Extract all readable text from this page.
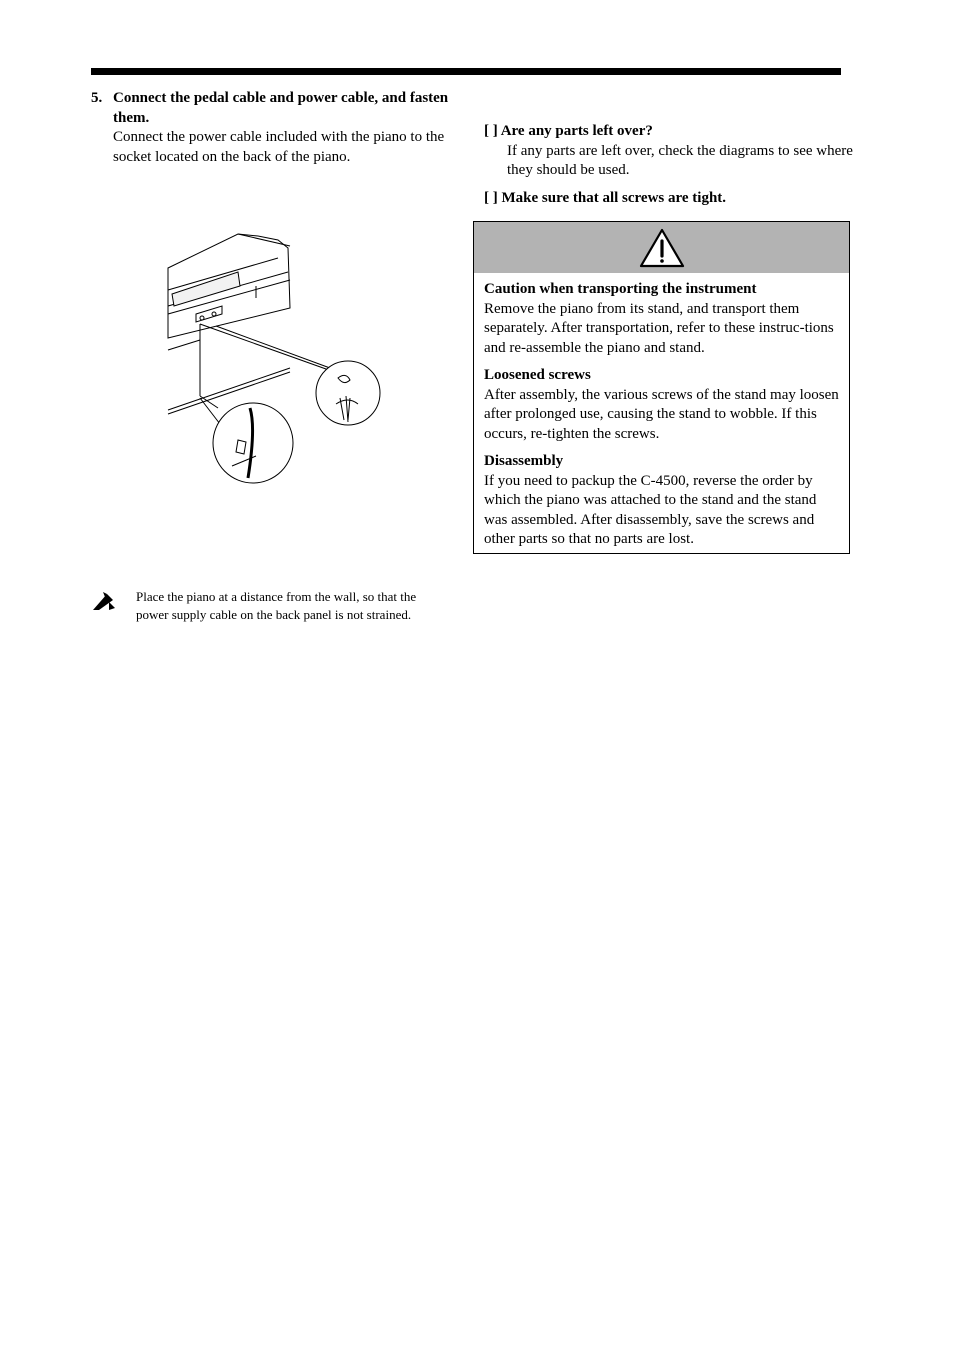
5. Connect the pedal cable and power cable, and fasten them.
Connect the power cable included with the piano to the socket located on the back of the piano.
Place the piano at a distance from the wall, so that the power supply cable on the back panel is not strained.
[ ] Are any parts left over?
If any parts are left over, check the diagrams to see where they should be used.
[ ] Make sure that all screws are tight.
Caution when transporting the instrument
Remove the piano from its stand, and transport them separately. After transportation, refer to these instruc-tions and re-assemble the piano and stand.
Loosened screws
After assembly, the various screws of the stand may loosen after prolonged use, causing the stand to wobble. If this occurs, re-tighten the screws.
Disassembly
If you need to packup the C-4500, reverse the order by which the piano was attached to the stand and the stand was assembled. After disassembly, save the screws and other parts so that no parts are lost.
